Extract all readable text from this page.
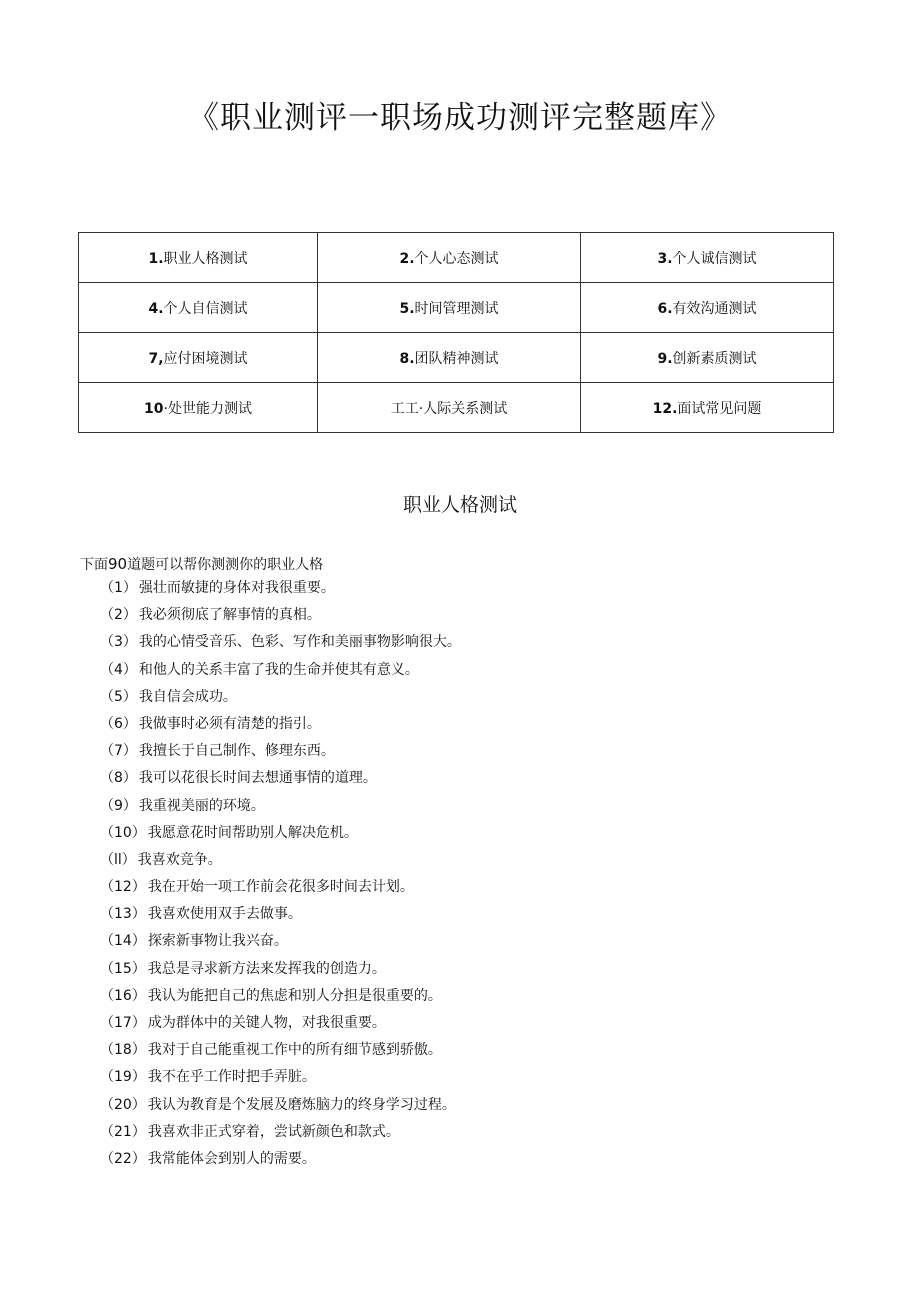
《职业测评一职场成功测评完整题库》
1.职业人格测试	2.个人心态测试	3.个人诚信测试
4.个人自信测试	5.时间管理测试	6.有效沟通测试
7,应付困境测试	8.团队精神测试	9.创新素质测试
10·处世能力测试	工工·人际关系测试	12.面试常见问题
职业人格测试

下面90道题可以帮你测测你的职业人格

（1） 强壮而敏捷的身体对我很重要。
（2） 我必须彻底了解事情的真相。
（3） 我的心情受音乐、色彩、写作和美丽事物影响很大。
（4） 和他人的关系丰富了我的生命并使其有意义。
（5） 我自信会成功。
（6） 我做事时必须有清楚的指引。
（7） 我擅长于自己制作、修理东西。
（8） 我可以花很长时间去想通事情的道理。
（9） 我重视美丽的环境。
（10） 我愿意花时间帮助别人解决危机。
（ll） 我喜欢竞争。
（12） 我在开始一项工作前会花很多时间去计划。
（13） 我喜欢使用双手去做事。
（14） 探索新事物让我兴奋。
（15） 我总是寻求新方法来发挥我的创造力。
（16） 我认为能把自己的焦虑和别人分担是很重要的。
（17） 成为群体中的关键人物，对我很重要。
（18） 我对于自己能重视工作中的所有细节感到骄傲。
（19） 我不在乎工作时把手弄脏。
（20） 我认为教育是个发展及磨炼脑力的终身学习过程。
（21） 我喜欢非正式穿着，尝试新颜色和款式。
（22） 我常能体会到别人的需要。
